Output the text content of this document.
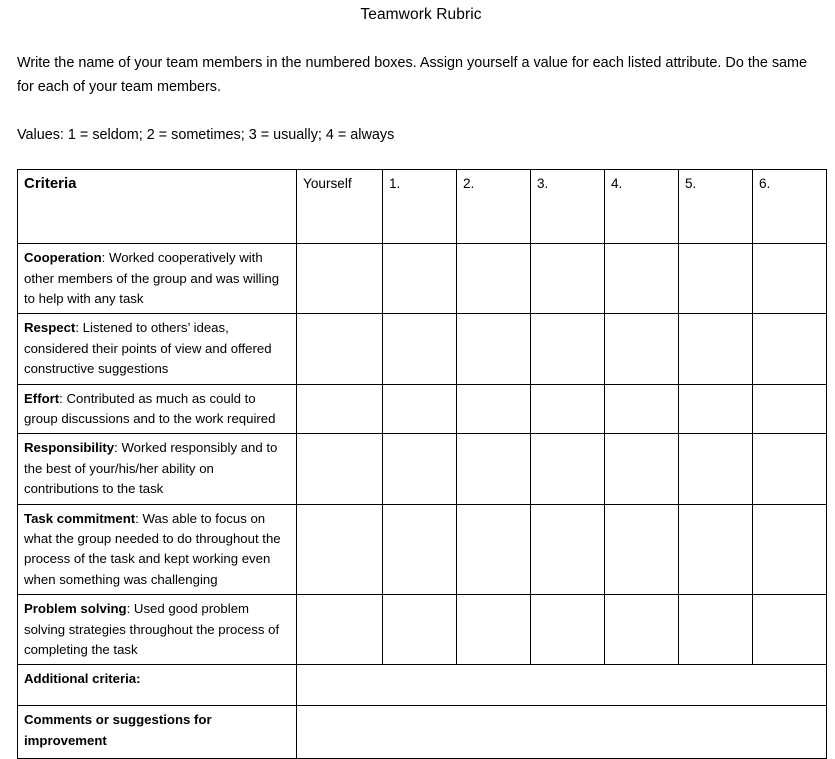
Teamwork Rubric

Write the name of your team members in the numbered boxes. Assign yourself a value for each listed attribute. Do the same for each of your team members.

Values: 1 = seldom; 2 = sometimes; 3 = usually; 4 = always

Criteria	Yourself	1.	2.	3.	4.	5.	6.
Cooperation: Worked cooperatively with other members of the group and was willing to help with any task							
Respect: Listened to others’ ideas, considered their points of view and offered constructive suggestions							
Effort: Contributed as much as could to group discussions and to the work required							
Responsibility: Worked responsibly and to the best of your/his/her ability on contributions to the task							
Task commitment: Was able to focus on what the group needed to do throughout the process of the task and kept working even when something was challenging							
Problem solving: Used good problem solving strategies throughout the process of completing the task							
Additional criteria:							
Comments or suggestions for improvement							
